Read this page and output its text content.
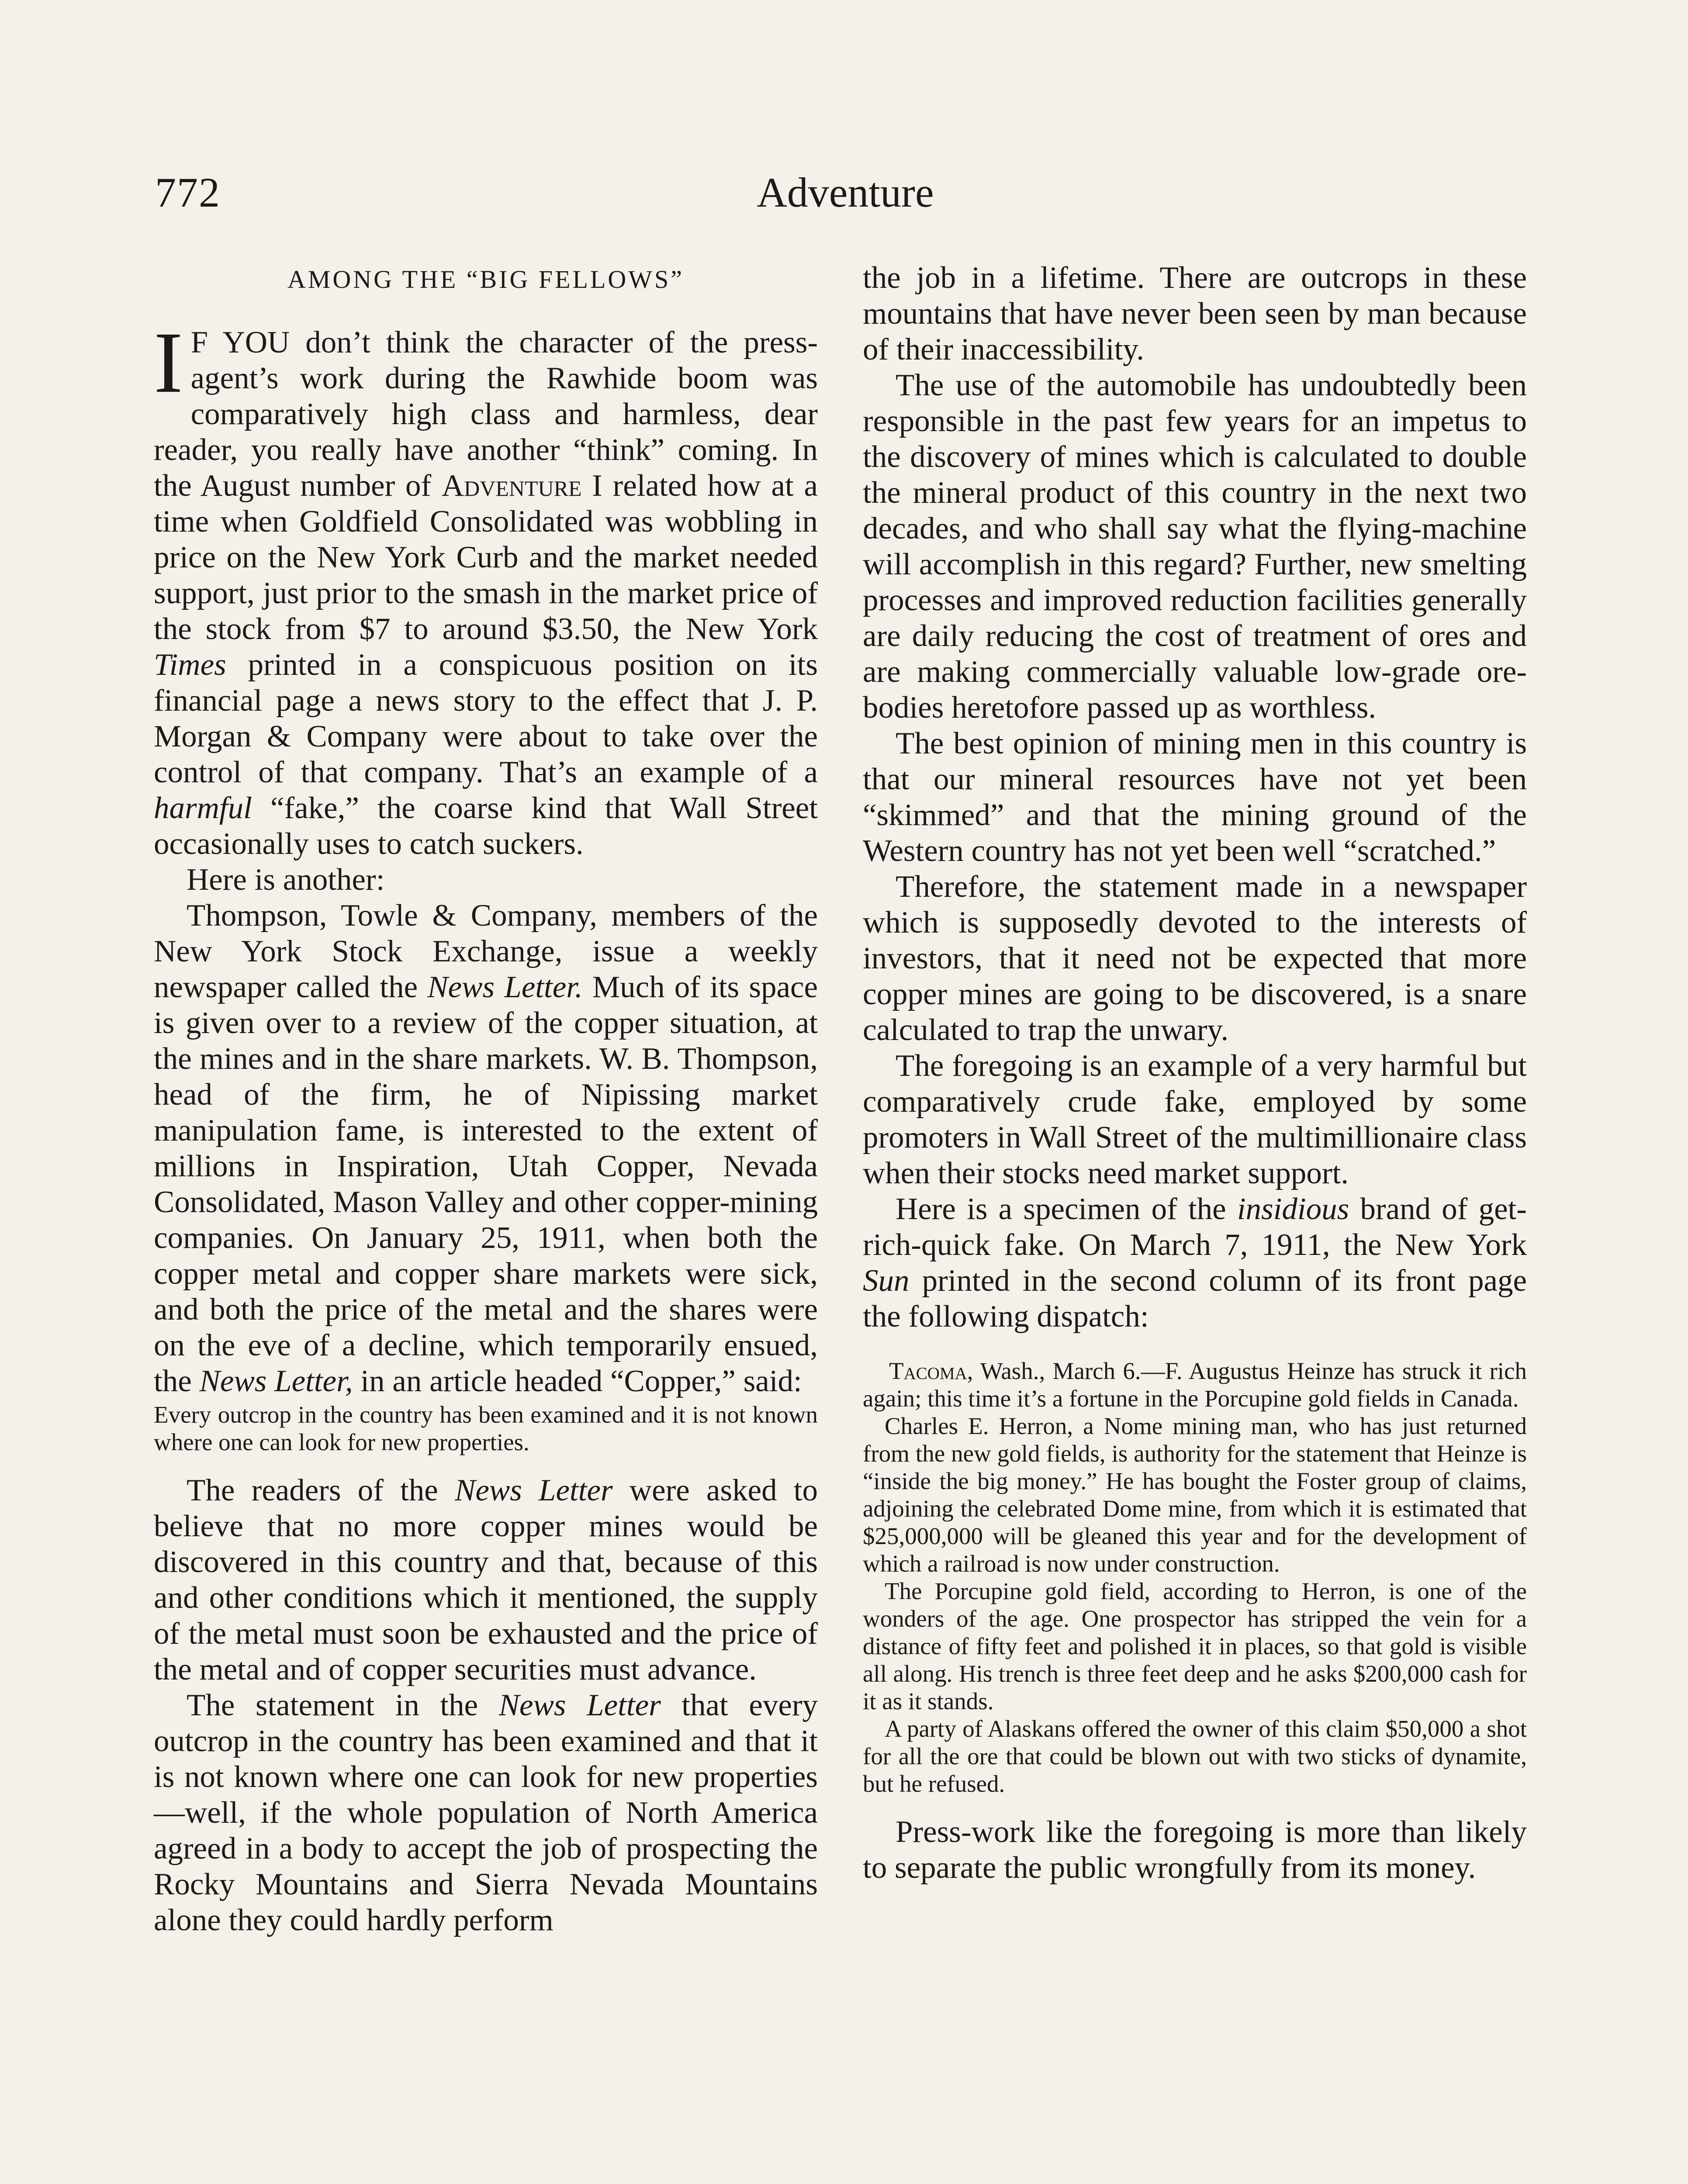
772	Adventure
AMONG THE “BIG FELLOWS”

I F YOU don’t think the character of the press-agent’s work during the Rawhide boom was comparatively high class and harmless, dear reader, you really have another “think” coming. In the August number of Adventure I related how at a time when Goldfield Consolidated was wobbling in price on the New York Curb and the market needed support, just prior to the smash in the market price of the stock from $7 to around $3.50, the New York Times printed in a conspicuous position on its financial page a news story to the effect that J. P. Morgan & Company were about to take over the control of that company. That’s an example of a harmful “fake,” the coarse kind that Wall Street occasionally uses to catch suckers.

Here is another:

Thompson, Towle & Company, members of the New York Stock Exchange, issue a weekly newspaper called the News Letter. Much of its space is given over to a review of the copper situation, at the mines and in the share markets. W. B. Thompson, head of the firm, he of Nipissing market manipulation fame, is interested to the extent of millions in Inspiration, Utah Copper, Nevada Consolidated, Mason Valley and other copper-mining companies. On January 25, 1911, when both the copper metal and copper share markets were sick, and both the price of the metal and the shares were on the eve of a decline, which temporarily ensued, the News Letter, in an article headed “Copper,” said:

Every outcrop in the country has been examined and it is not known where one can look for new properties.

The readers of the News Letter were asked to believe that no more copper mines would be discovered in this country and that, because of this and other conditions which it mentioned, the supply of the metal must soon be exhausted and the price of the metal and of copper securities must advance.

The statement in the News Letter that every outcrop in the country has been examined and that it is not known where one can look for new properties—well, if the whole population of North America agreed in a body to accept the job of prospecting the Rocky Mountains and Sierra Nevada Mountains alone they could hardly perform

the job in a lifetime. There are outcrops in these mountains that have never been seen by man because of their inaccessibility.

The use of the automobile has undoubtedly been responsible in the past few years for an impetus to the discovery of mines which is calculated to double the mineral product of this country in the next two decades, and who shall say what the flying-machine will accomplish in this regard? Further, new smelting processes and improved reduction facilities generally are daily reducing the cost of treatment of ores and are making commercially valuable low-grade ore-bodies heretofore passed up as worthless.

The best opinion of mining men in this country is that our mineral resources have not yet been “skimmed” and that the mining ground of the Western country has not yet been well “scratched.”

Therefore, the statement made in a newspaper which is supposedly devoted to the interests of investors, that it need not be expected that more copper mines are going to be discovered, is a snare calculated to trap the unwary.

The foregoing is an example of a very harmful but comparatively crude fake, employed by some promoters in Wall Street of the multimillionaire class when their stocks need market support.

Here is a specimen of the insidious brand of get-rich-quick fake. On March 7, 1911, the New York Sun printed in the second column of its front page the following dispatch:

Tacoma, Wash., March 6.—F. Augustus Heinze has struck it rich again; this time it’s a fortune in the Porcupine gold fields in Canada.

Charles E. Herron, a Nome mining man, who has just returned from the new gold fields, is authority for the statement that Heinze is “inside the big money.” He has bought the Foster group of claims, adjoining the celebrated Dome mine, from which it is estimated that $25,000,000 will be gleaned this year and for the development of which a railroad is now under construction.

The Porcupine gold field, according to Herron, is one of the wonders of the age. One prospector has stripped the vein for a distance of fifty feet and polished it in places, so that gold is visible all along. His trench is three feet deep and he asks $200,000 cash for it as it stands.

A party of Alaskans offered the owner of this claim $50,000 a shot for all the ore that could be blown out with two sticks of dynamite, but he refused.

Press-work like the foregoing is more than likely to separate the public wrongfully from its money.
